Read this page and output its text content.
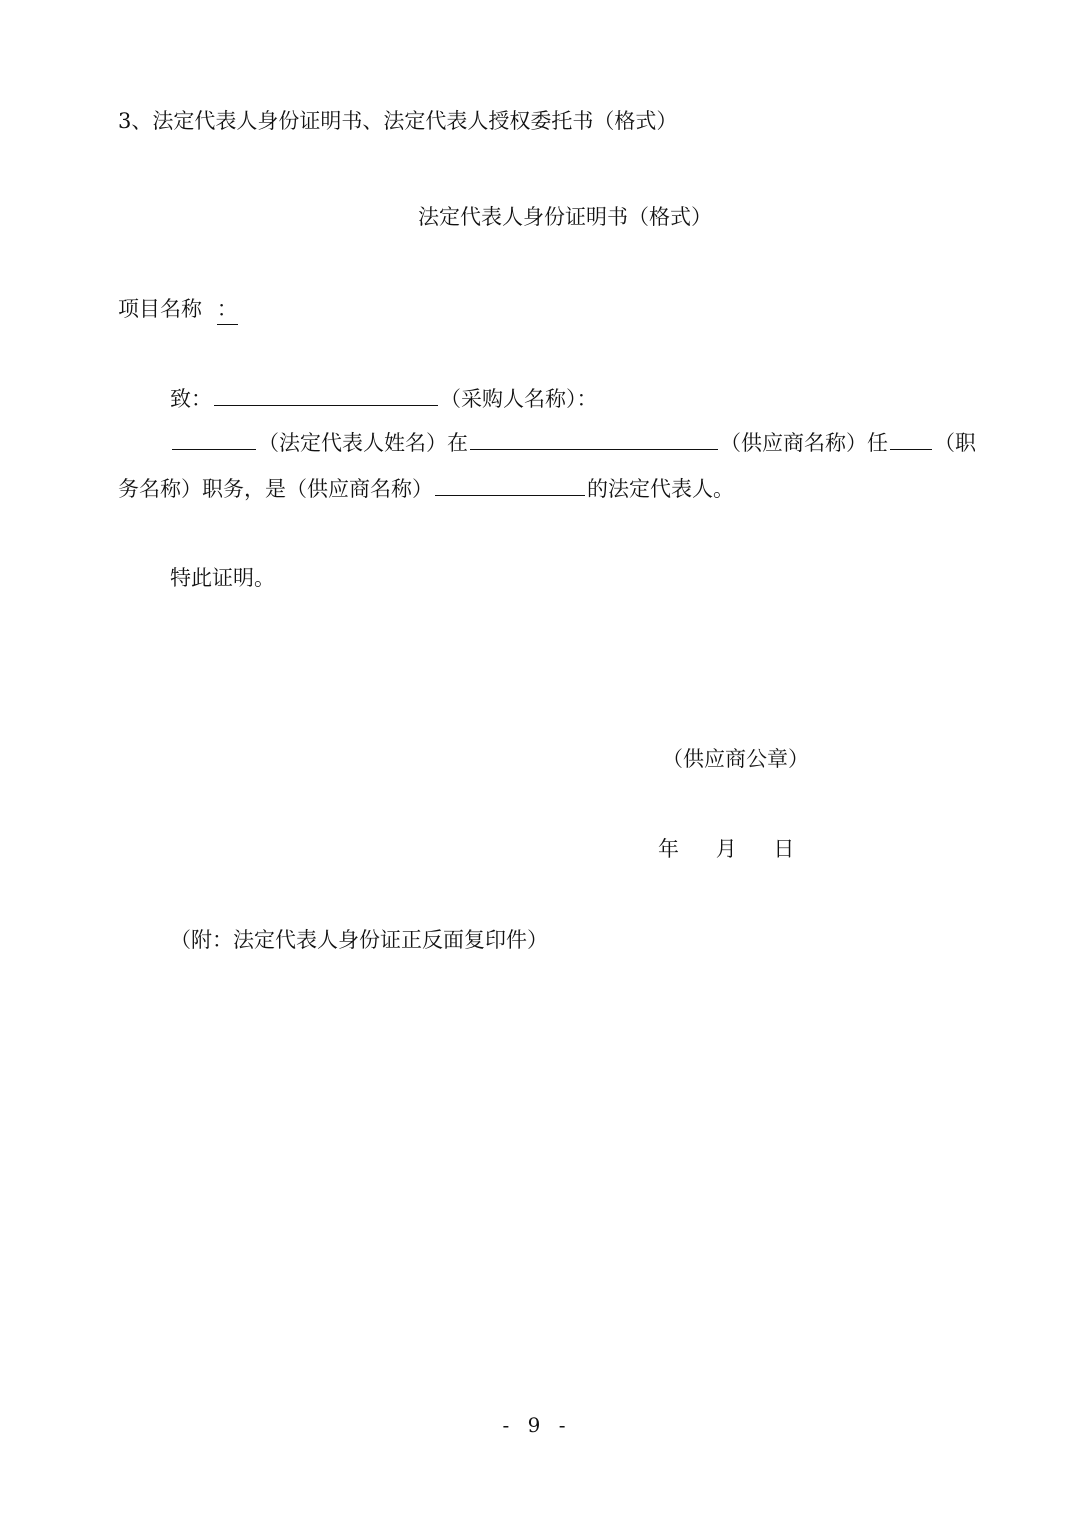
3、法定代表人身份证明书、法定代表人授权委托书（格式）
法定代表人身份证明书（格式）
项目名称 ：
致：	（采购人名称）：
（法定代表人姓名）在	（供应商名称）任 （职
务名称）职务，是（供应商名称）	的法定代表人。
特此证明。
（供应商公章）
年 月 日
（附：法定代表人身份证正反面复印件）
- 9 -
